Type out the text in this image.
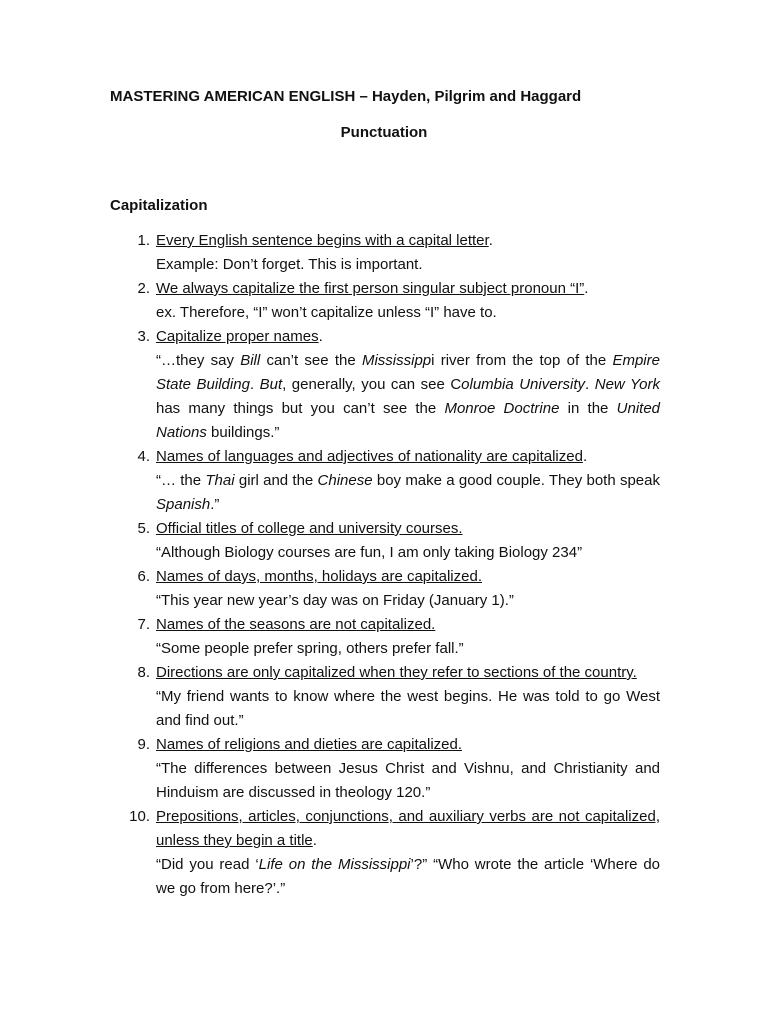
MASTERING AMERICAN ENGLISH – Hayden, Pilgrim and Haggard
Punctuation
Capitalization
1. Every English sentence begins with a capital letter.
Example: Don’t forget. This is important.
2. We always capitalize the first person singular subject pronoun “I”.
ex. Therefore, “I” won’t capitalize unless “I” have to.
3. Capitalize proper names.
“…they say Bill can’t see the Mississippi river from the top of the Empire State Building. But, generally, you can see Columbia University. New York has many things but you can’t see the Monroe Doctrine in the United Nations buildings.”
4. Names of languages and adjectives of nationality are capitalized.
“… the Thai girl and the Chinese boy make a good couple. They both speak Spanish.”
5. Official titles of college and university courses.
“Although Biology courses are fun, I am only taking Biology 234”
6. Names of days, months, holidays are capitalized.
“This year new year’s day was on Friday (January 1).”
7. Names of the seasons are not capitalized.
“Some people prefer spring, others prefer fall.”
8. Directions are only capitalized when they refer to sections of the country.
“My friend wants to know where the west begins. He was told to go West and find out.”
9. Names of religions and dieties are capitalized.
“The differences between Jesus Christ and Vishnu, and Christianity and Hinduism are discussed in theology 120.”
10. Prepositions, articles, conjunctions, and auxiliary verbs are not capitalized, unless they begin a title.
“Did you read ‘Life on the Mississippi’?” “Who wrote the article ‘Where do we go from here?’.”
